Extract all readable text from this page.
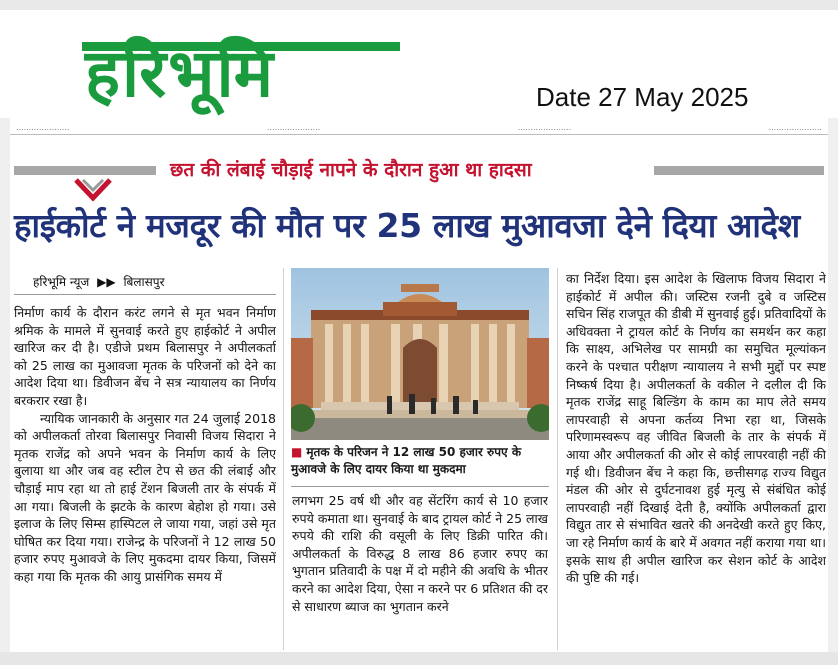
हरिभूमि	Date 27 May 2025
.....................	.....................	.....................	.....................
छत की लंबाई चौड़ाई नापने के दौरान हुआ था हादसा
हाईकोर्ट ने मजदूर की मौत पर 25 लाख मुआवजा देने दिया आदेश
हरिभूमि न्यूज ▶▶ बिलासपुर

निर्माण कार्य के दौरान करंट लगने से मृत भवन निर्माण श्रमिक के मामले में सुनवाई करते हुए हाईकोर्ट ने अपील खारिज कर दी है। एडीजे प्रथम बिलासपुर ने अपीलकर्ता को 25 लाख का मुआवजा मृतक के परिजनों को देने का आदेश दिया था। डिवीजन बेंच ने सत्र न्यायालय का निर्णय बरकरार रखा है।

न्यायिक जानकारी के अनुसार गत 24 जुलाई 2018 को अपीलकर्ता तोरवा बिलासपुर निवासी विजय सिदारा ने मृतक राजेंद्र को अपने भवन के निर्माण कार्य के लिए बुलाया था और जब वह स्टील टेप से छत की लंबाई और चौड़ाई माप रहा था तो हाई टेंशन बिजली तार के संपर्क में आ गया। बिजली के झटके के कारण बेहोश हो गया। उसे इलाज के लिए सिम्स हास्पिटल ले जाया गया, जहां उसे मृत घोषित कर दिया गया। राजेन्द्र के परिजनों ने 12 लाख 50 हजार रुपए मुआवजे के लिए मुकदमा दायर किया, जिसमें कहा गया कि मृतक की आयु प्रासंगिक समय में

■ मृतक के परिजन ने 12 लाख 50 हजार रुपए के मुआवजे के लिए दायर किया था मुकदमा

लगभग 25 वर्ष थी और वह सेंटरिंग कार्य से 10 हजार रुपये कमाता था। सुनवाई के बाद ट्रायल कोर्ट ने 25 लाख रुपये की राशि की वसूली के लिए डिक्री पारित की। अपीलकर्ता के विरुद्ध 8 लाख 86 हजार रुपए का भुगतान प्रतिवादी के पक्ष में दो महीने की अवधि के भीतर करने का आदेश दिया, ऐसा न करने पर 6 प्रतिशत की दर से साधारण ब्याज का भुगतान करने

का निर्देश दिया। इस आदेश के खिलाफ विजय सिदारा ने हाईकोर्ट में अपील की। जस्टिस रजनी दुबे व जस्टिस सचिन सिंह राजपूत की डीबी में सुनवाई हुई। प्रतिवादियों के अधिवक्ता ने ट्रायल कोर्ट के निर्णय का समर्थन कर कहा कि साक्ष्य, अभिलेख पर सामग्री का समुचित मूल्यांकन करने के पश्चात परीक्षण न्यायालय ने सभी मुद्दों पर स्पष्ट निष्कर्ष दिया है। अपीलकर्ता के वकील ने दलील दी कि मृतक राजेंद्र साहू बिल्डिंग के काम का माप लेते समय लापरवाही से अपना कर्तव्य निभा रहा था, जिसके परिणामस्वरूप वह जीवित बिजली के तार के संपर्क में आया और अपीलकर्ता की ओर से कोई लापरवाही नहीं की गई थी। डिवीजन बेंच ने कहा कि, छत्तीसगढ़ राज्य विद्युत मंडल की ओर से दुर्घटनावश हुई मृत्यु से संबंधित कोई लापरवाही नहीं दिखाई देती है, क्योंकि अपीलकर्ता द्वारा विद्युत तार से संभावित खतरे की अनदेखी करते हुए किए, जा रहे निर्माण कार्य के बारे में अवगत नहीं कराया गया था। इसके साथ ही अपील खारिज कर सेशन कोर्ट के आदेश की पुष्टि की गई।
